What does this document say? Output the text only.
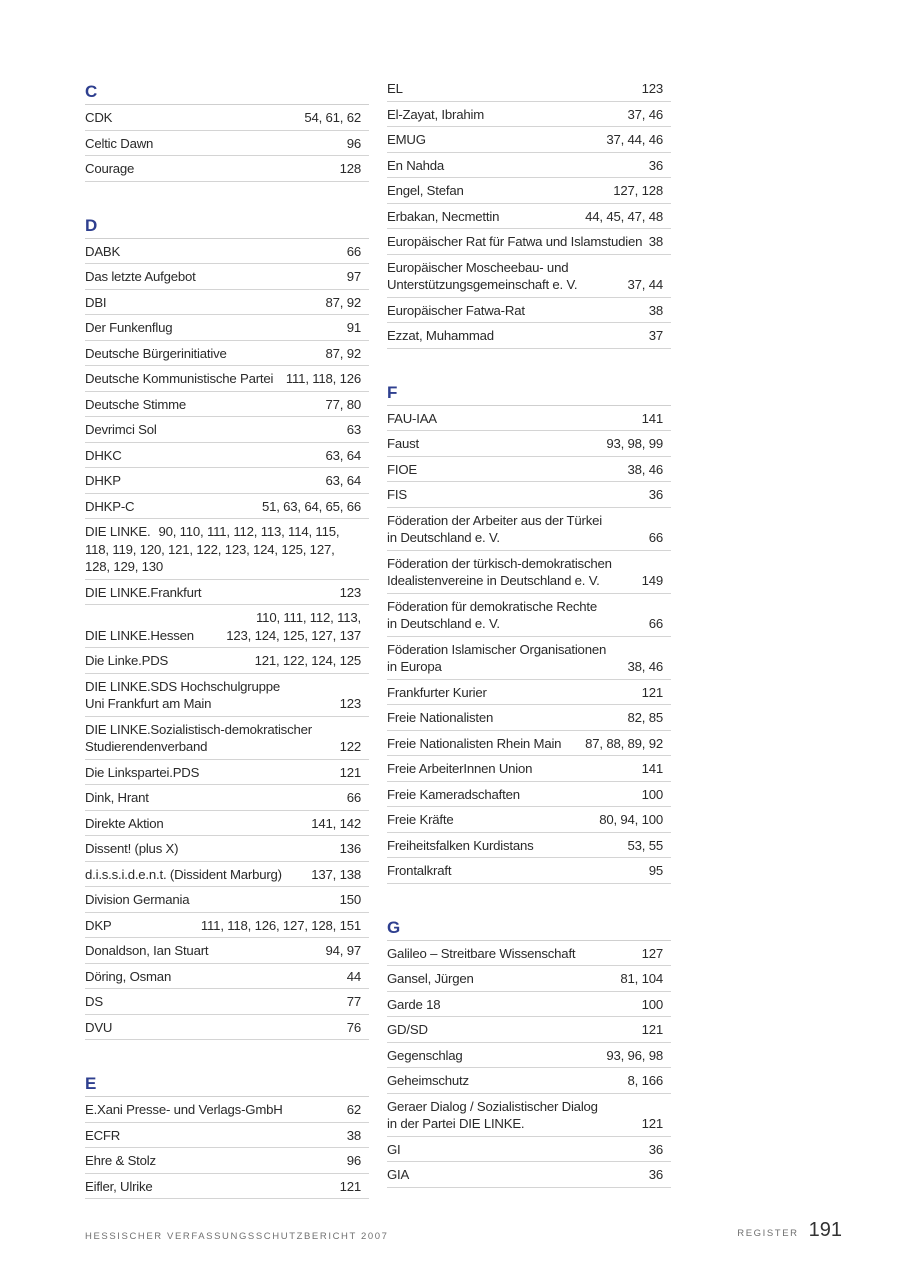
C
CDK	54, 61, 62
Celtic Dawn	96
Courage	128
D
DABK	66
Das letzte Aufgebot	97
DBI	87, 92
Der Funkenflug	91
Deutsche Bürgerinitiative	87, 92
Deutsche Kommunistische Partei 111, 118, 126
Deutsche Stimme	77, 80
Devrimci Sol	63
DHKC	63, 64
DHKP	63, 64
DHKP-C	51, 63, 64, 65, 66
DIE LINKE. 90, 110, 111, 112, 113, 114, 115, 118, 119, 120, 121, 122, 123, 124, 125, 127, 128, 129, 130
DIE LINKE.Frankfurt	123
DIE LINKE.Hessen
110, 111, 112, 113,
123, 124, 125, 127, 137
Die Linke.PDS	121, 122, 124, 125
DIE LINKE.SDS Hochschulgruppe
Uni Frankfurt am Main	123
DIE LINKE.Sozialistisch-demokratischer
Studierendenverband	122
Die Linkspartei.PDS	121
Dink, Hrant	66
Direkte Aktion	141, 142
Dissent! (plus X)	136
d.i.s.s.i.d.e.n.t. (Dissident Marburg)	137, 138
Division Germania	150
DKP	111, 118, 126, 127, 128, 151
Donaldson, Ian Stuart	94, 97
Döring, Osman	44
DS	77
DVU	76
E
E.Xani Presse- und Verlags-GmbH	62
ECFR	38
Ehre & Stolz	96
Eifler, Ulrike	121
EL	123
El-Zayat, Ibrahim	37, 46
EMUG	37, 44, 46
En Nahda	36
Engel, Stefan	127, 128
Erbakan, Necmettin	44, 45, 47, 48
Europäischer Rat für Fatwa und Islamstudien 38
Europäischer Moscheebau- und
Unterstützungsgemeinschaft e. V.	37, 44
Europäischer Fatwa-Rat	38
Ezzat, Muhammad	37
F
FAU-IAA	141
Faust	93, 98, 99
FIOE	38, 46
FIS	36
Föderation der Arbeiter aus der Türkei
in Deutschland e. V.	66
Föderation der türkisch-demokratischen
Idealistenvereine in Deutschland e. V.	149
Föderation für demokratische Rechte
in Deutschland e. V.	66
Föderation Islamischer Organisationen
in Europa	38, 46
Frankfurter Kurier	121
Freie Nationalisten	82, 85
Freie Nationalisten Rhein Main	87, 88, 89, 92
Freie ArbeiterInnen Union	141
Freie Kameradschaften	100
Freie Kräfte	80, 94, 100
Freiheitsfalken Kurdistans	53, 55
Frontalkraft	95
G
Galileo – Streitbare Wissenschaft	127
Gansel, Jürgen	81, 104
Garde 18	100
GD/SD	121
Gegenschlag	93, 96, 98
Geheimschutz	8, 166
Geraer Dialog / Sozialistischer Dialog
in der Partei DIE LINKE.	121
GI	36
GIA	36
HESSISCHER VERFASSUNGSSCHUTZBERICHT 2007	REGISTER 191
